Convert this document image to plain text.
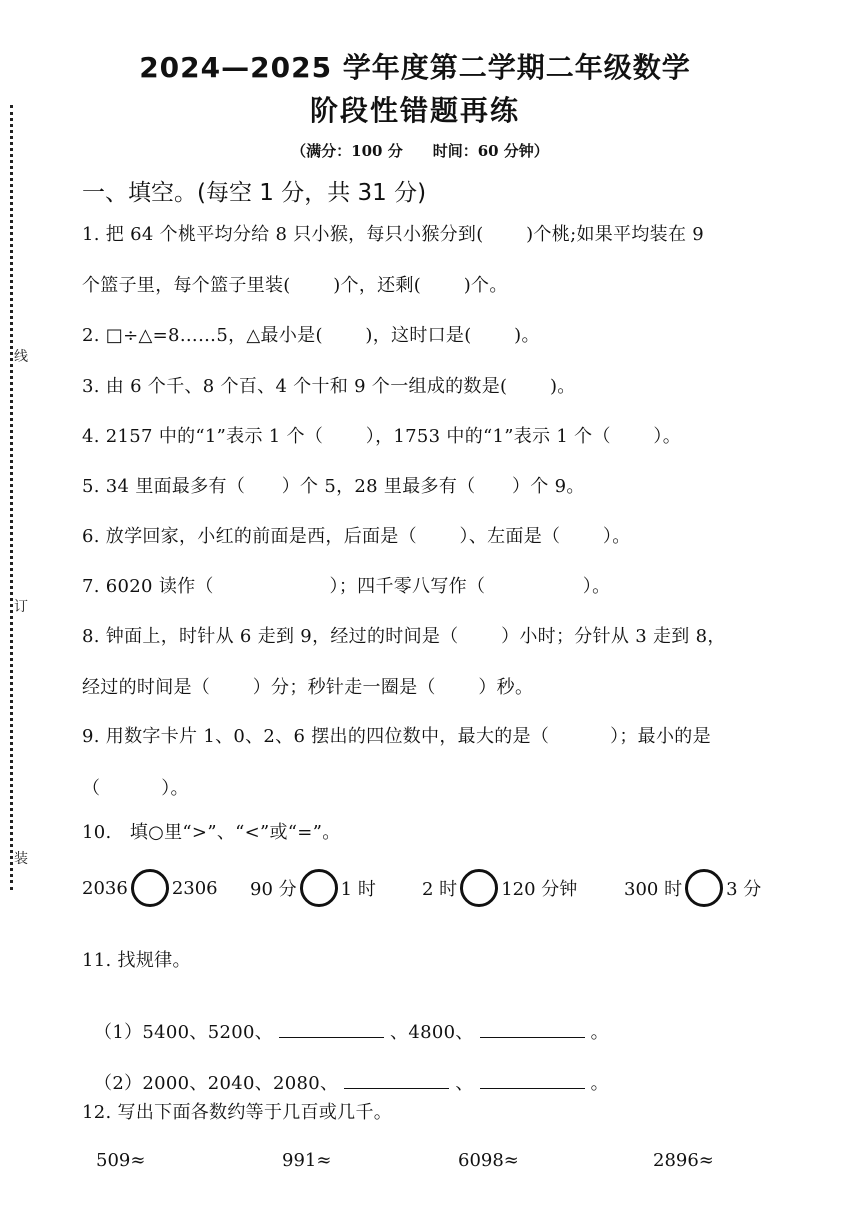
线
订
装
2024—2025 学年度第二学期二年级数学
阶段性错题再练
（满分：100 分　　时间：60 分钟）
一、填空。(每空 1 分，共 31 分)
1. 把 64 个桃平均分给 8 只小猴，每只小猴分到(　　 )个桃;如果平均装在 9
个篮子里，每个篮子里装(　　 )个，还剩(　　 )个。
2. □÷△=8……5，△最小是(　　 )，这时口是(　　 )。
3. 由 6 个千、8 个百、4 个十和 9 个一组成的数是(　　 )。
4. 2157 中的“1”表示 1 个（　　 ），1753 中的“1”表示 1 个（　　 ）。
5. 34 里面最多有（　　）个 5，28 里最多有（　　）个 9。
6. 放学回家，小红的前面是西，后面是（　　 ）、左面是（　　 ）。
7. 6020 读作（　　　　　　 ）；四千零八写作（　　　　　 ）。
8. 钟面上，时针从 6 走到 9，经过的时间是（　　 ）小时；分针从 3 走到 8，
经过的时间是（　　 ）分；秒针走一圈是（　　 ）秒。
9. 用数字卡片 1、0、2、6 摆出的四位数中，最大的是（　　　 ）；最小的是
（　　　 ）。
10.　填○里“>”、“<”或“=”。
2036 2306 90 分 1 时	2 时 120 分钟	300 时 3 分
11. 找规律。

（1）5400、5200、	、4800、	。

（2）2000、2040、2080、	、	。

12. 写出下面各数约等于几百或几千。
509≈	991≈	6098≈	2896≈
